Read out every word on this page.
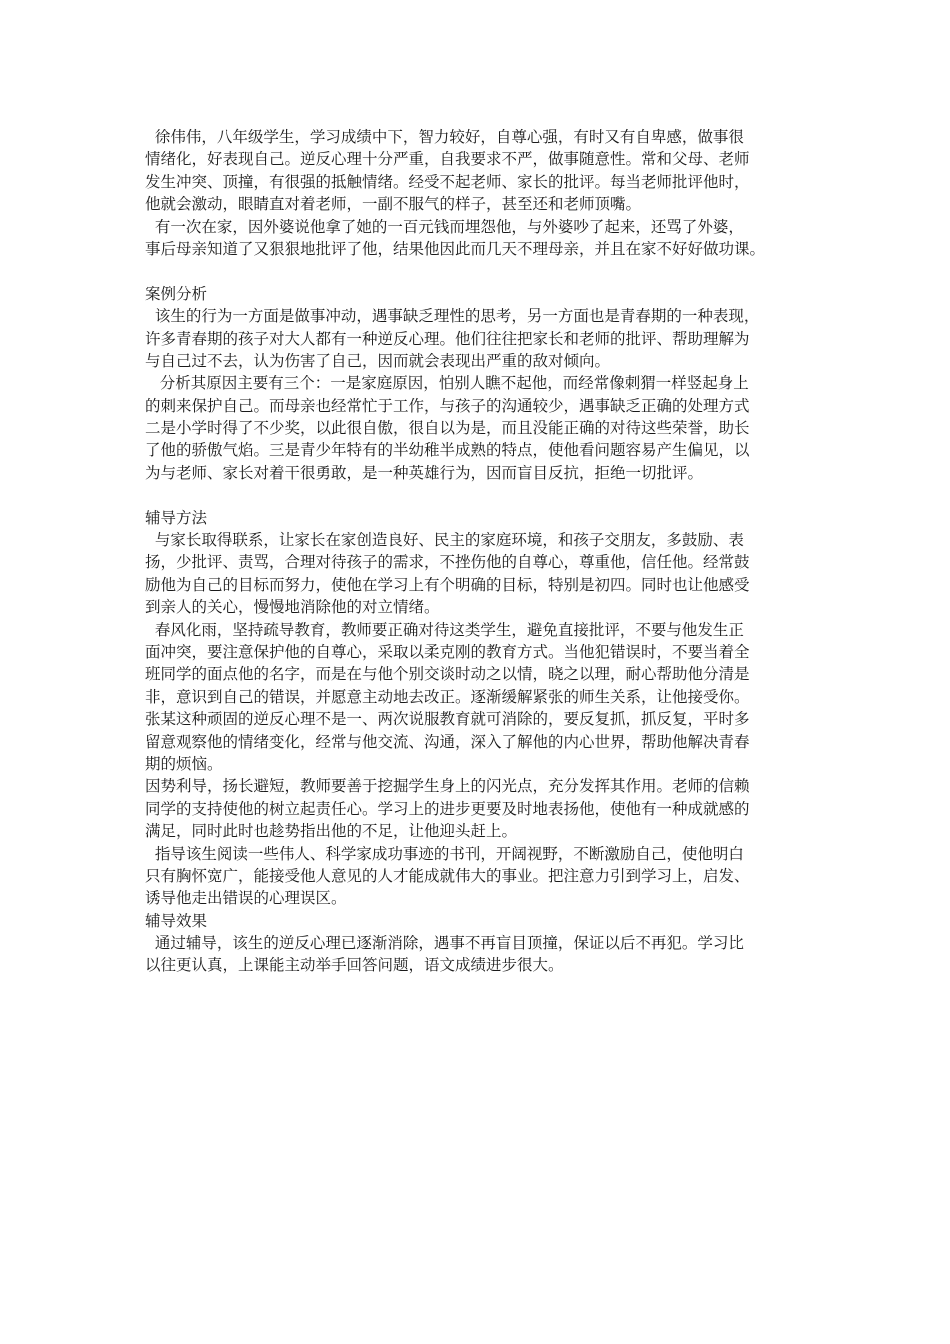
徐伟伟，八年级学生，学习成绩中下，智力较好，自尊心强，有时又有自卑感，做事很
情绪化，好表现自己。逆反心理十分严重，自我要求不严，做事随意性。常和父母、老师
发生冲突、顶撞，有很强的抵触情绪。经受不起老师、家长的批评。每当老师批评他时，
他就会激动，眼睛直对着老师，一副不服气的样子，甚至还和老师顶嘴。
有一次在家，因外婆说他拿了她的一百元钱而埋怨他，与外婆吵了起来，还骂了外婆，
事后母亲知道了又狠狠地批评了他，结果他因此而几天不理母亲，并且在家不好好做功课。
案例分析
该生的行为一方面是做事冲动，遇事缺乏理性的思考，另一方面也是青春期的一种表现，
许多青春期的孩子对大人都有一种逆反心理。他们往往把家长和老师的批评、帮助理解为
与自己过不去，认为伤害了自己，因而就会表现出严重的敌对倾向。
分析其原因主要有三个：一是家庭原因，怕别人瞧不起他，而经常像刺猬一样竖起身上
的刺来保护自己。而母亲也经常忙于工作，与孩子的沟通较少，遇事缺乏正确的处理方式
二是小学时得了不少奖，以此很自傲，很自以为是，而且没能正确的对待这些荣誉，助长
了他的骄傲气焰。三是青少年特有的半幼稚半成熟的特点，使他看问题容易产生偏见，以
为与老师、家长对着干很勇敢，是一种英雄行为，因而盲目反抗，拒绝一切批评。
辅导方法
与家长取得联系，让家长在家创造良好、民主的家庭环境，和孩子交朋友，多鼓励、表
扬，少批评、责骂，合理对待孩子的需求，不挫伤他的自尊心，尊重他，信任他。经常鼓
励他为自己的目标而努力，使他在学习上有个明确的目标，特别是初四。同时也让他感受
到亲人的关心，慢慢地消除他的对立情绪。
春风化雨，坚持疏导教育，教师要正确对待这类学生，避免直接批评，不要与他发生正
面冲突，要注意保护他的自尊心，采取以柔克刚的教育方式。当他犯错误时，不要当着全
班同学的面点他的名字，而是在与他个别交谈时动之以情，晓之以理，耐心帮助他分清是
非，意识到自己的错误，并愿意主动地去改正。逐渐缓解紧张的师生关系，让他接受你。
张某这种顽固的逆反心理不是一、两次说服教育就可消除的，要反复抓，抓反复，平时多
留意观察他的情绪变化，经常与他交流、沟通，深入了解他的内心世界，帮助他解决青春
期的烦恼。
因势利导，扬长避短，教师要善于挖掘学生身上的闪光点，充分发挥其作用。老师的信赖
同学的支持使他的树立起责任心。学习上的进步更要及时地表扬他，使他有一种成就感的
满足，同时此时也趁势指出他的不足，让他迎头赶上。
指导该生阅读一些伟人、科学家成功事迹的书刊，开阔视野，不断激励自己，使他明白
只有胸怀宽广，能接受他人意见的人才能成就伟大的事业。把注意力引到学习上，启发、
诱导他走出错误的心理误区。
辅导效果
通过辅导，该生的逆反心理已逐渐消除，遇事不再盲目顶撞，保证以后不再犯。学习比
以往更认真，上课能主动举手回答问题，语文成绩进步很大。
